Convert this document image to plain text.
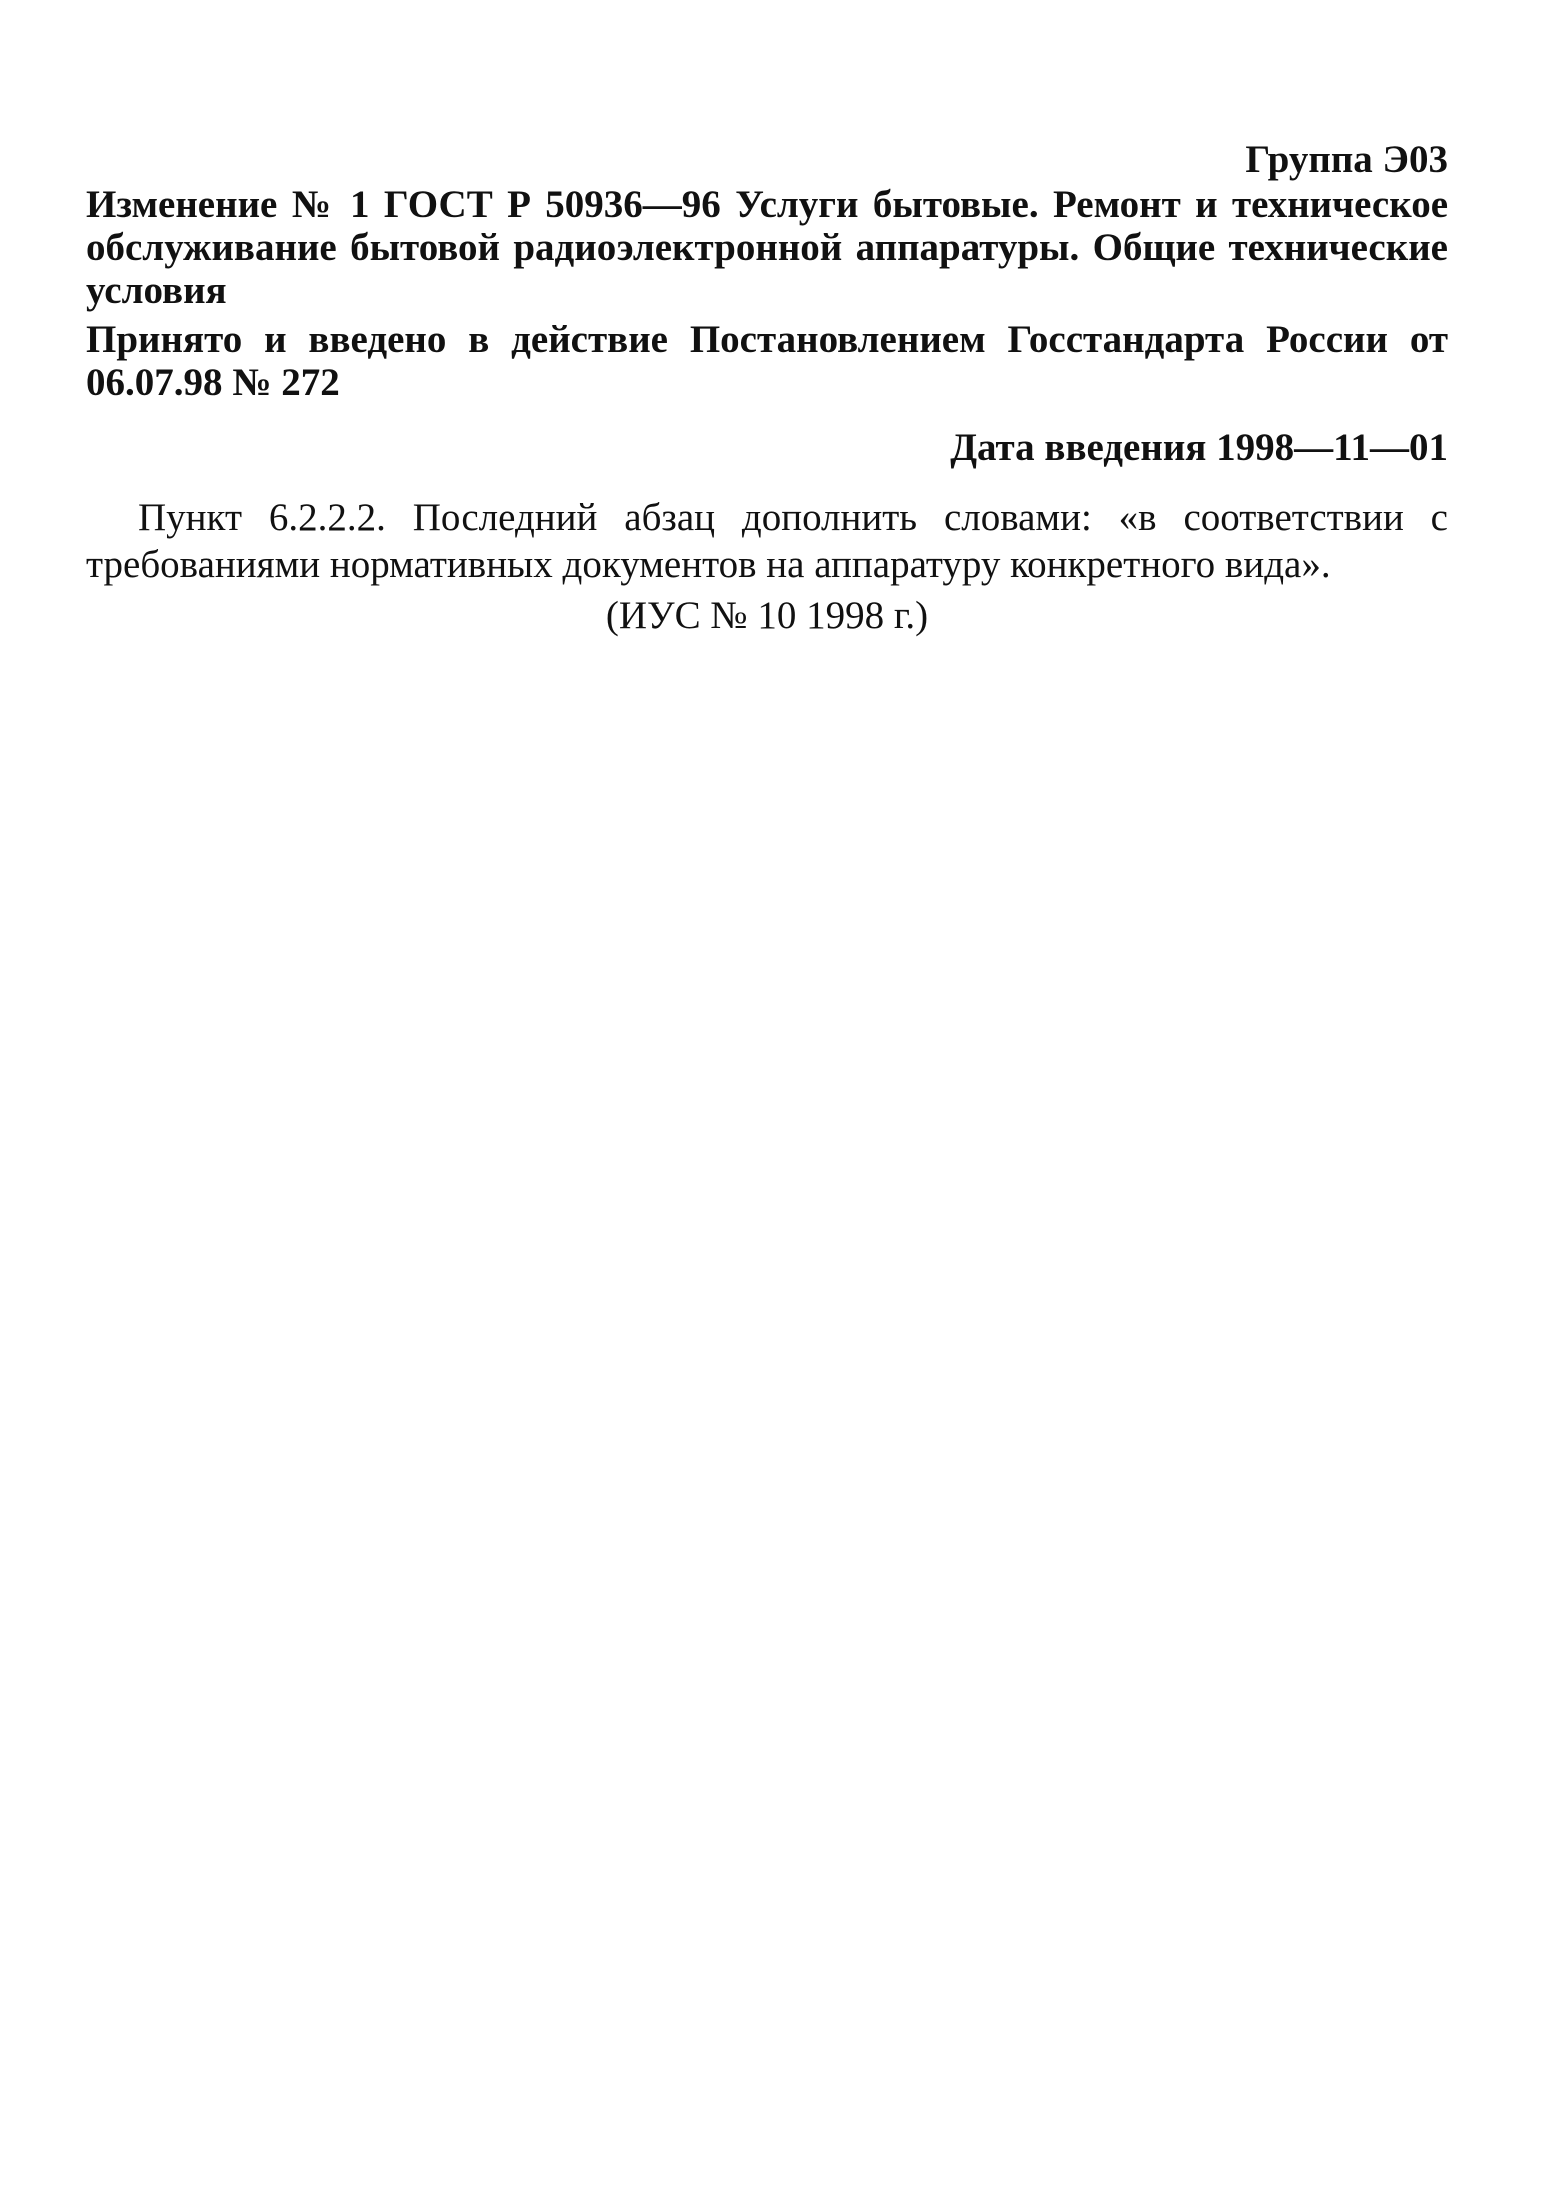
Группа Э03
Изменение № 1 ГОСТ Р 50936—96 Услуги бытовые. Ремонт и техническое обслуживание бытовой радиоэлектронной аппаратуры. Общие технические условия
Принято и введено в действие Постановлением Госстандарта России от 06.07.98 № 272
Дата введения 1998—11—01
Пункт 6.2.2.2. Последний абзац дополнить словами: «в соответствии с требованиями нормативных документов на аппаратуру конкретного вида».
(ИУС № 10 1998 г.)
